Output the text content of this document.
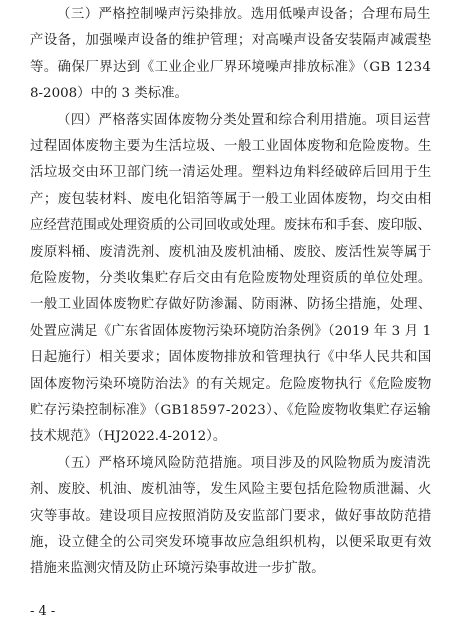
（三）严格控制噪声污染排放。选用低噪声设备；合理布局生
产设备，加强噪声设备的维护管理；对高噪声设备安装隔声减震垫
等。确保厂界达到《工业企业厂界环境噪声排放标准》（GB 1234
8-2008）中的 3 类标准。
（四）严格落实固体废物分类处置和综合利用措施。项目运营
过程固体废物主要为生活垃圾、一般工业固体废物和危险废物。生
活垃圾交由环卫部门统一清运处理。塑料边角料经破碎后回用于生
产；废包装材料、废电化铝箔等属于一般工业固体废物，均交由相
应经营范围或处理资质的公司回收或处理。废抹布和手套、废印版、
废原料桶、废清洗剂、废机油及废机油桶、废胶、废活性炭等属于
危险废物，分类收集贮存后交由有危险废物处理资质的单位处理。
一般工业固体废物贮存做好防渗漏、防雨淋、防扬尘措施，处理、
处置应满足《广东省固体废物污染环境防治条例》（2019 年 3 月 1
日起施行）相关要求；固体废物排放和管理执行《中华人民共和国
固体废物污染环境防治法》的有关规定。危险废物执行《危险废物
贮存污染控制标准》（GB18597-2023）、《危险废物收集贮存运输
技术规范》（HJ2022.4-2012）。
（五）严格环境风险防范措施。项目涉及的风险物质为废清洗
剂、废胶、机油、废机油等，发生风险主要包括危险物质泄漏、火
灾等事故。建设项目应按照消防及安监部门要求，做好事故防范措
施，设立健全的公司突发环境事故应急组织机构，以便采取更有效
措施来监测灾情及防止环境污染事故进一步扩散。
- 4 -
